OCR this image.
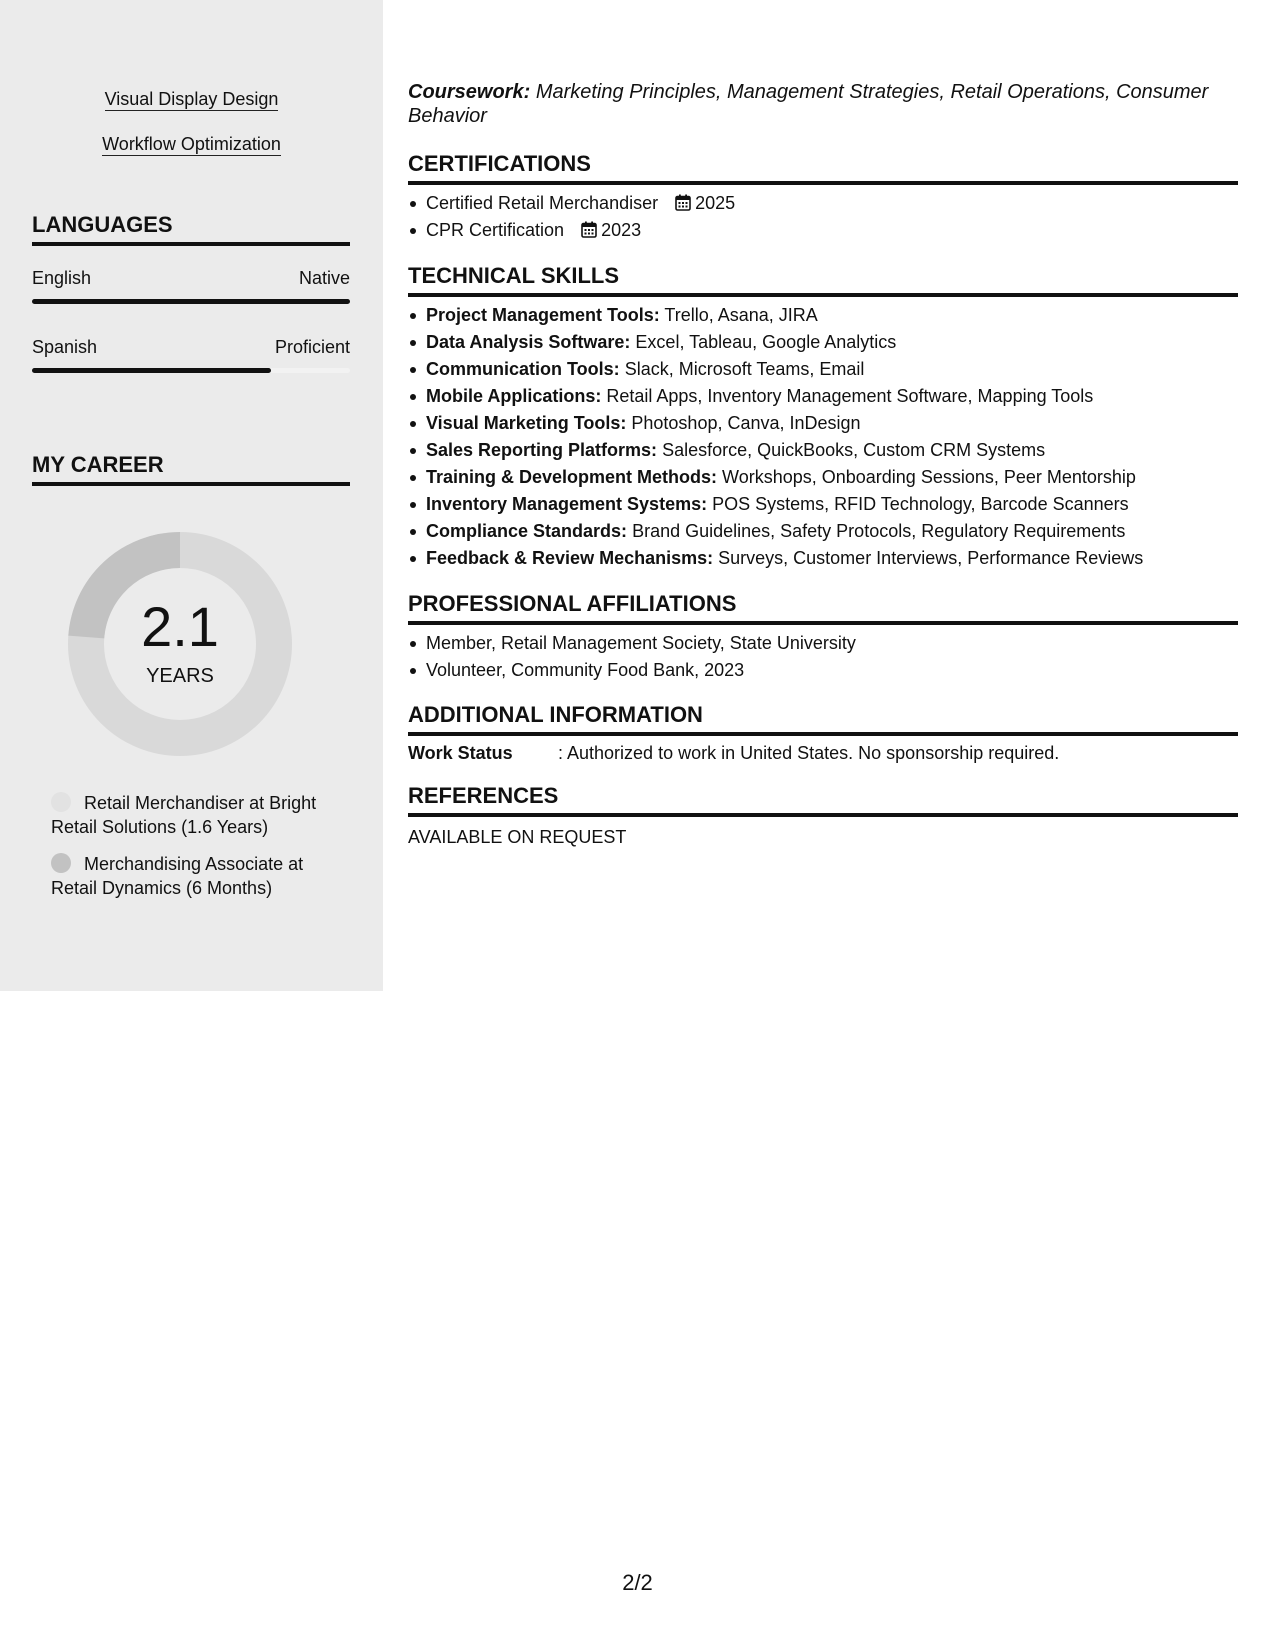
Visual Display Design
Workflow Optimization
LANGUAGES
English	Native
Spanish	Proficient
MY CAREER
2.1
YEARS
Retail Merchandiser at Bright Retail Solutions (1.6 Years)
Merchandising Associate at Retail Dynamics (6 Months)
Coursework: Marketing Principles, Management Strategies, Retail Operations, Consumer Behavior
CERTIFICATIONS
Certified Retail Merchandiser 2025
CPR Certification 2023
TECHNICAL SKILLS
Project Management Tools: Trello, Asana, JIRA
Data Analysis Software: Excel, Tableau, Google Analytics
Communication Tools: Slack, Microsoft Teams, Email
Mobile Applications: Retail Apps, Inventory Management Software, Mapping Tools
Visual Marketing Tools: Photoshop, Canva, InDesign
Sales Reporting Platforms: Salesforce, QuickBooks, Custom CRM Systems
Training & Development Methods: Workshops, Onboarding Sessions, Peer Mentorship
Inventory Management Systems: POS Systems, RFID Technology, Barcode Scanners
Compliance Standards: Brand Guidelines, Safety Protocols, Regulatory Requirements
Feedback & Review Mechanisms: Surveys, Customer Interviews, Performance Reviews
PROFESSIONAL AFFILIATIONS
Member, Retail Management Society, State University
Volunteer, Community Food Bank, 2023
ADDITIONAL INFORMATION
Work Status	: Authorized to work in United States. No sponsorship required.
REFERENCES
AVAILABLE ON REQUEST
2/2
